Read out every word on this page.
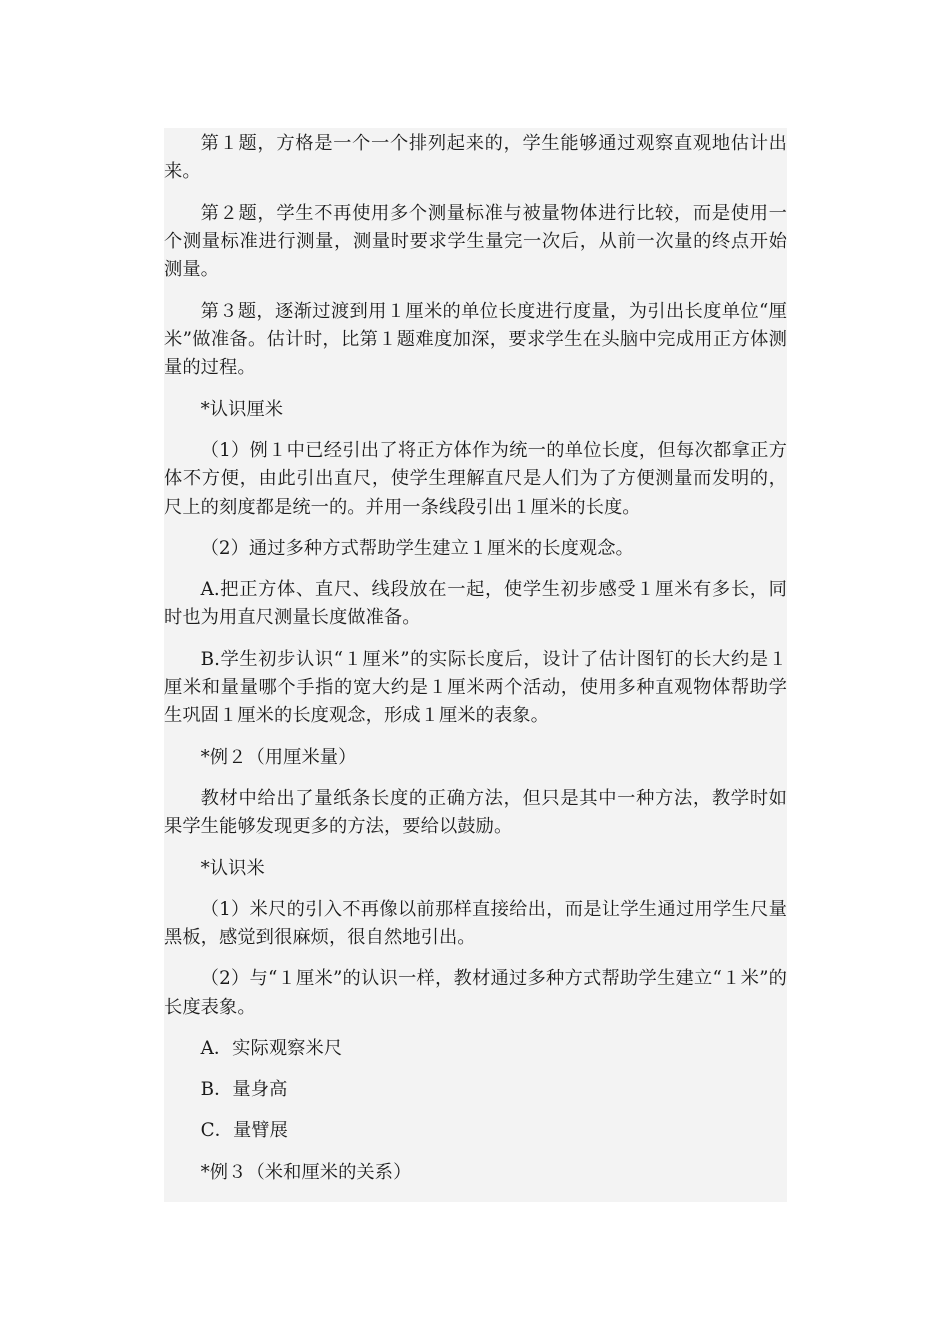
第１题，方格是一个一个排列起来的，学生能够通过观察直观地估计出来。

第２题，学生不再使用多个测量标准与被量物体进行比较，而是使用一个测量标准进行测量，测量时要求学生量完一次后，从前一次量的终点开始测量。

第３题，逐渐过渡到用１厘米的单位长度进行度量，为引出长度单位“厘米”做准备。估计时，比第１题难度加深，要求学生在头脑中完成用正方体测量的过程。

*认识厘米

（1）例１中已经引出了将正方体作为统一的单位长度，但每次都拿正方体不方便，由此引出直尺，使学生理解直尺是人们为了方便测量而发明的，尺上的刻度都是统一的。并用一条线段引出１厘米的长度。

（2）通过多种方式帮助学生建立１厘米的长度观念。

A.把正方体、直尺、线段放在一起，使学生初步感受１厘米有多长，同时也为用直尺测量长度做准备。

B.学生初步认识“１厘米”的实际长度后，设计了估计图钉的长大约是１厘米和量量哪个手指的宽大约是１厘米两个活动，使用多种直观物体帮助学生巩固１厘米的长度观念，形成１厘米的表象。

*例２（用厘米量）

教材中给出了量纸条长度的正确方法，但只是其中一种方法，教学时如果学生能够发现更多的方法，要给以鼓励。

*认识米

（1）米尺的引入不再像以前那样直接给出，而是让学生通过用学生尺量黑板，感觉到很麻烦，很自然地引出。

（2）与“１厘米”的认识一样，教材通过多种方式帮助学生建立“１米”的长度表象。

A．实际观察米尺

B．量身高

C．量臂展

*例３（米和厘米的关系）
